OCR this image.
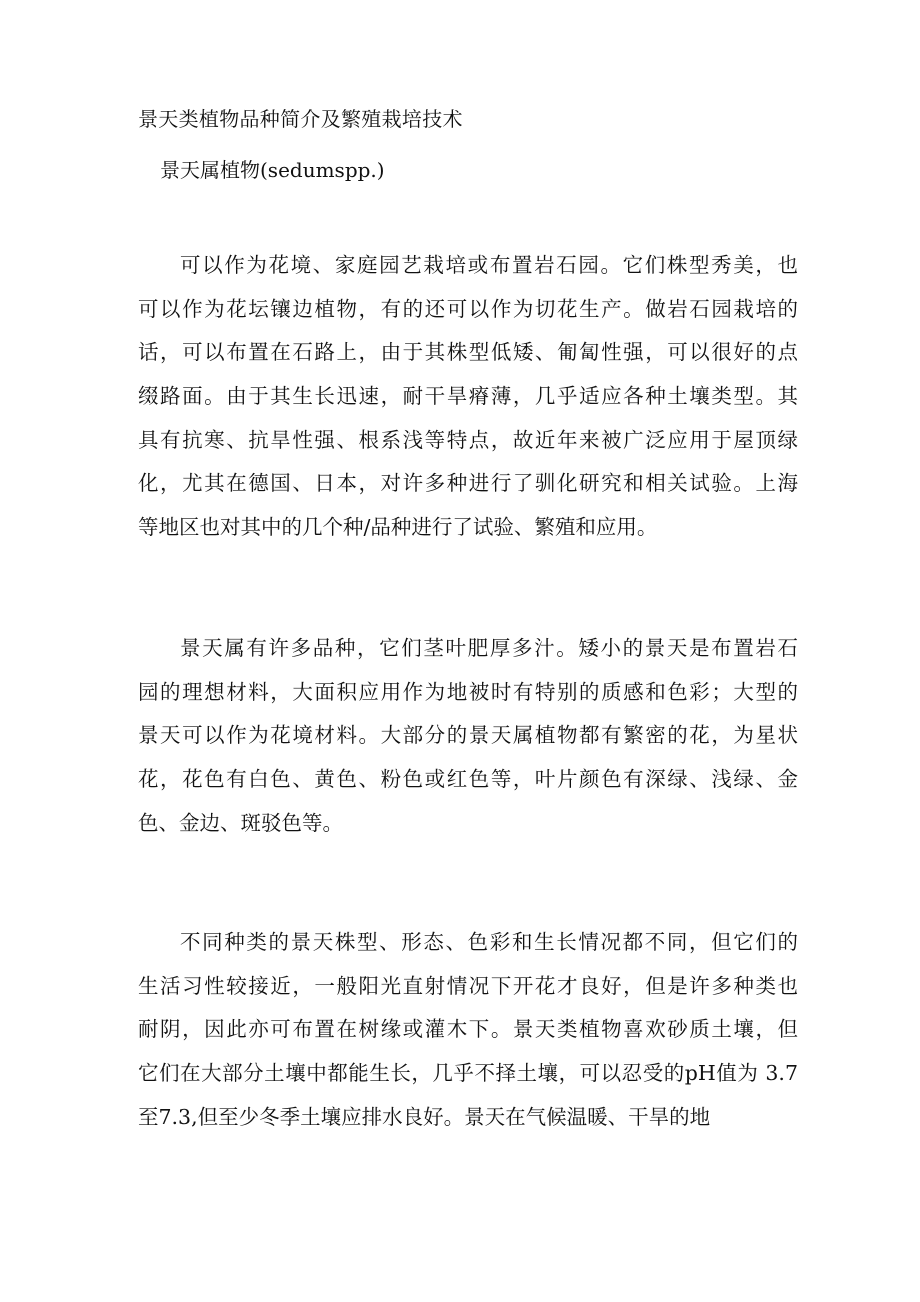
景天类植物品种简介及繁殖栽培技术
景天属植物(sedumspp.)
可以作为花境、家庭园艺栽培或布置岩石园。它们株型秀美，也
可以作为花坛镶边植物，有的还可以作为切花生产。做岩石园栽培的
话，可以布置在石路上，由于其株型低矮、匍匐性强，可以很好的点
缀路面。由于其生长迅速，耐干旱瘠薄，几乎适应各种土壤类型。其
具有抗寒、抗旱性强、根系浅等特点，故近年来被广泛应用于屋顶绿
化，尤其在德国、日本，对许多种进行了驯化研究和相关试验。上海
等地区也对其中的几个种/品种进行了试验、繁殖和应用。
景天属有许多品种，它们茎叶肥厚多汁。矮小的景天是布置岩石
园的理想材料，大面积应用作为地被时有特别的质感和色彩；大型的
景天可以作为花境材料。大部分的景天属植物都有繁密的花，为星状
花，花色有白色、黄色、粉色或红色等，叶片颜色有深绿、浅绿、金
色、金边、斑驳色等。
不同种类的景天株型、形态、色彩和生长情况都不同，但它们的
生活习性较接近，一般阳光直射情况下开花才良好，但是许多种类也
耐阴，因此亦可布置在树缘或灌木下。景天类植物喜欢砂质土壤，但
它们在大部分土壤中都能生长，几乎不择土壤，可以忍受的pH值为 3.7
至7.3,但至少冬季土壤应排水良好。景天在气候温暖、干旱的地
